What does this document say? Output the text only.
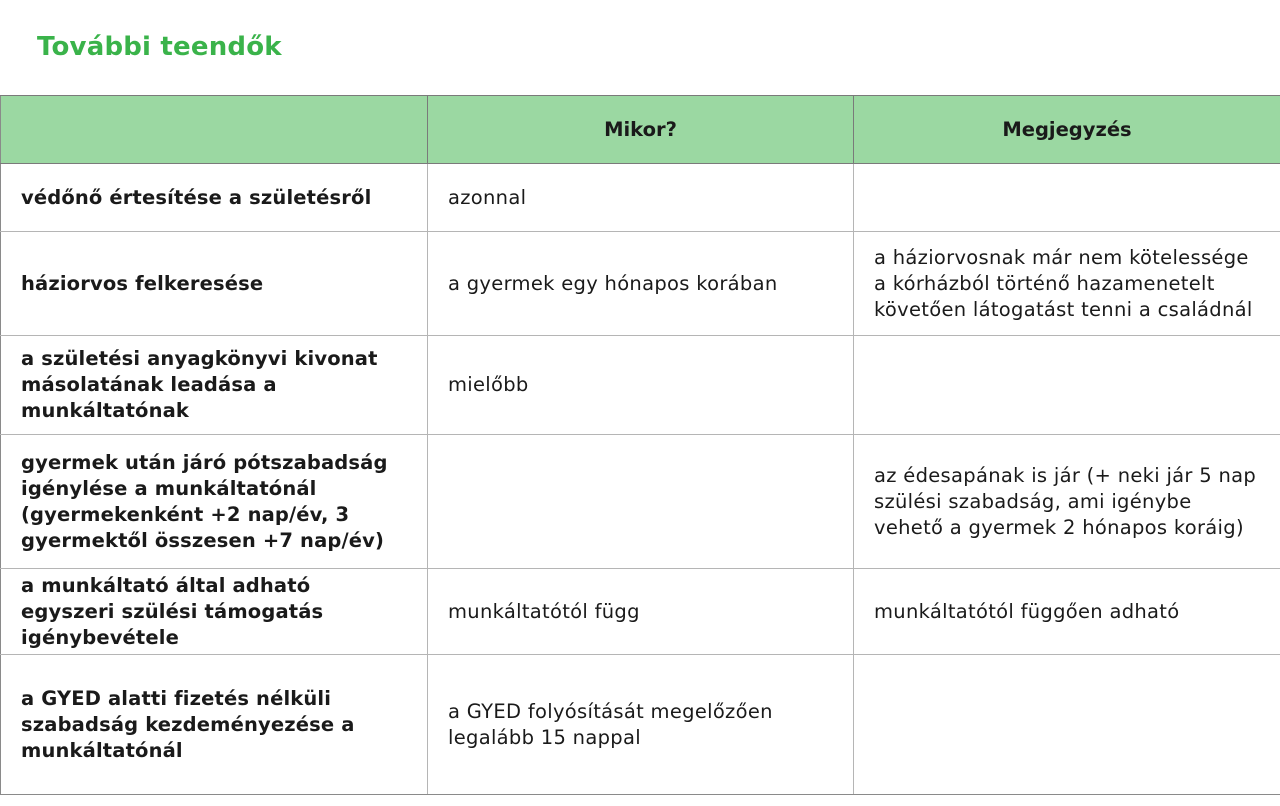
További teendők
	Mikor?	Megjegyzés
védőnő értesítése a születésről	azonnal	
háziorvos felkeresése	a gyermek egy hónapos korában	a háziorvosnak már nem kötelessége a kórházból történő hazamenetelt követően látogatást tenni a családnál
a születési anyagkönyvi kivonat másolatának leadása a munkáltatónak	mielőbb	
gyermek után járó pótszabadság igénylése a munkáltatónál (gyermekenként +2 nap/év, 3 gyermektől összesen +7 nap/év)		az édesapának is jár (+ neki jár 5 nap szülési szabadság, ami igénybe vehető a gyermek 2 hónapos koráig)
a munkáltató által adható egyszeri szülési támogatás igénybevétele	munkáltatótól függ	munkáltatótól függően adható
a GYED alatti fizetés nélküli szabadság kezdeményezése a munkáltatónál	a GYED folyósítását megelőzően legalább 15 nappal	
